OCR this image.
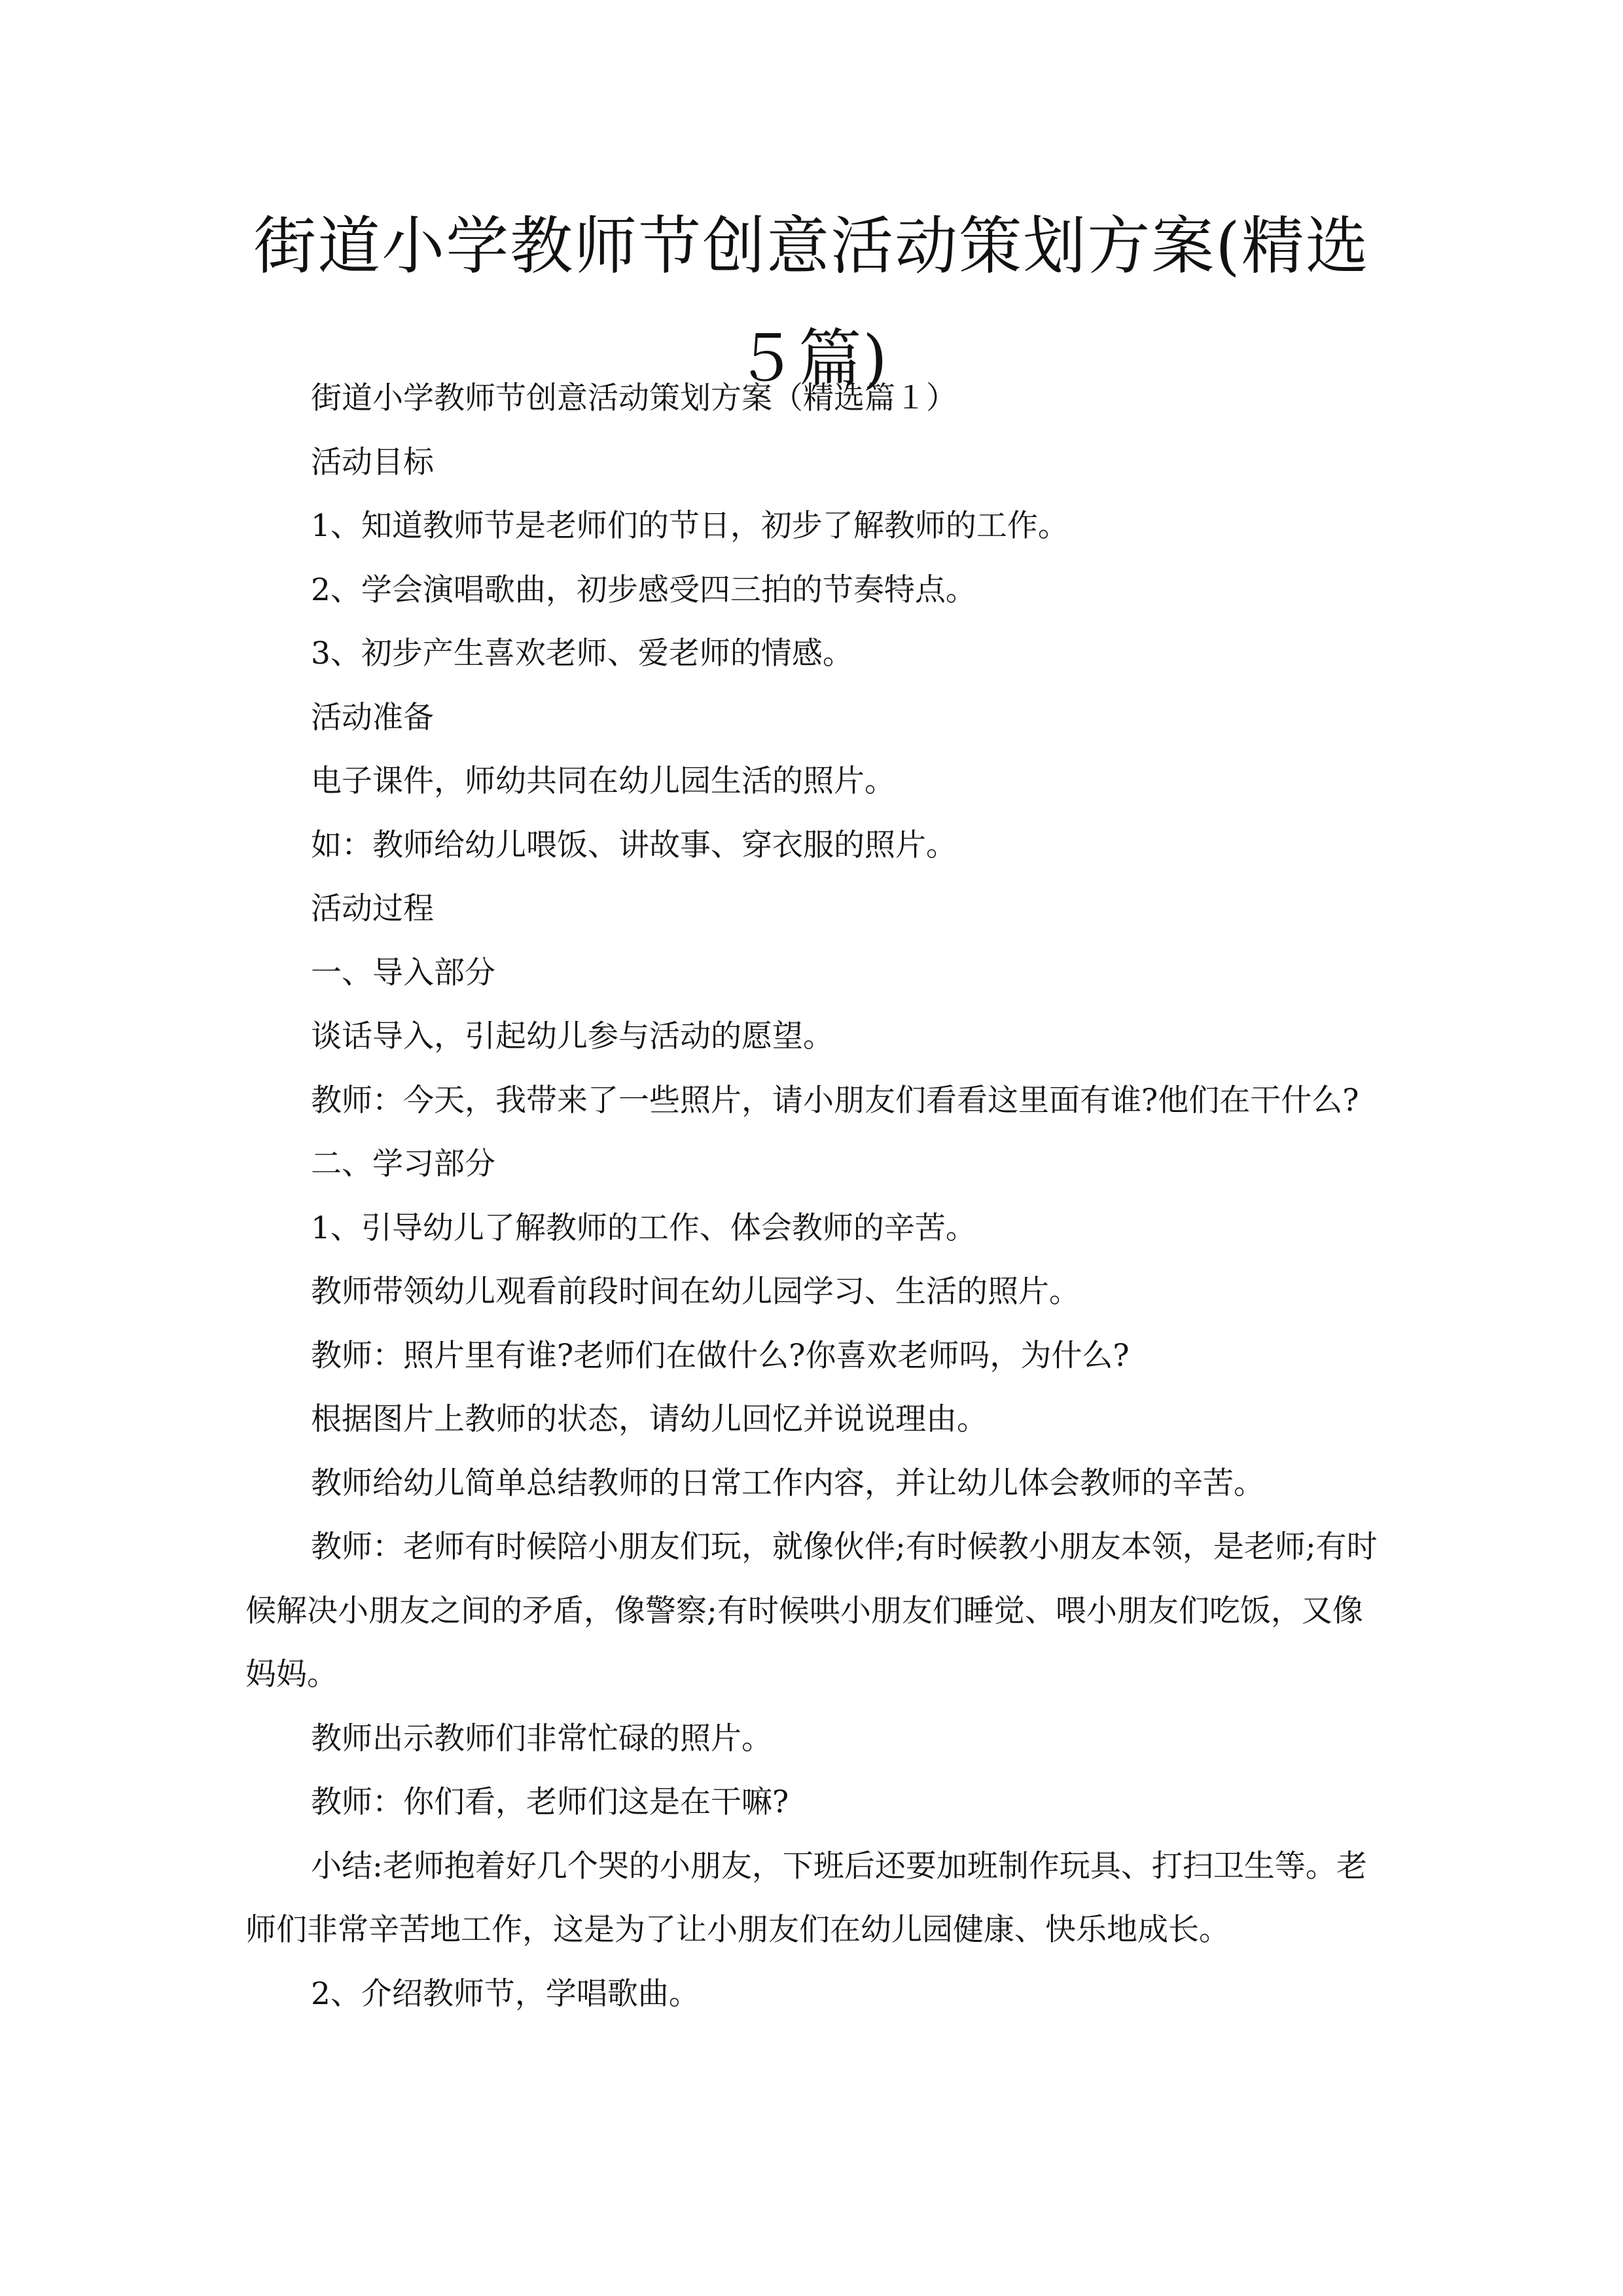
街道小学教师节创意活动策划方案(精选５篇)

街道小学教师节创意活动策划方案（精选篇１）

活动目标

1、知道教师节是老师们的节日，初步了解教师的工作。

2、学会演唱歌曲，初步感受四三拍的节奏特点。

3、初步产生喜欢老师、爱老师的情感。

活动准备

电子课件，师幼共同在幼儿园生活的照片。

如：教师给幼儿喂饭、讲故事、穿衣服的照片。

活动过程

一、导入部分

谈话导入，引起幼儿参与活动的愿望。

教师：今天，我带来了一些照片，请小朋友们看看这里面有谁?他们在干什么?

二、学习部分

1、引导幼儿了解教师的工作、体会教师的辛苦。

教师带领幼儿观看前段时间在幼儿园学习、生活的照片。

教师：照片里有谁?老师们在做什么?你喜欢老师吗，为什么?

根据图片上教师的状态，请幼儿回忆并说说理由。

教师给幼儿简单总结教师的日常工作内容，并让幼儿体会教师的辛苦。

教师：老师有时候陪小朋友们玩，就像伙伴;有时候教小朋友本领，是老师;有时候解决小朋友之间的矛盾，像警察;有时候哄小朋友们睡觉、喂小朋友们吃饭，又像妈妈。

教师出示教师们非常忙碌的照片。

教师：你们看，老师们这是在干嘛?

小结:老师抱着好几个哭的小朋友，下班后还要加班制作玩具、打扫卫生等。老师们非常辛苦地工作，这是为了让小朋友们在幼儿园健康、快乐地成长。

2、介绍教师节，学唱歌曲。
